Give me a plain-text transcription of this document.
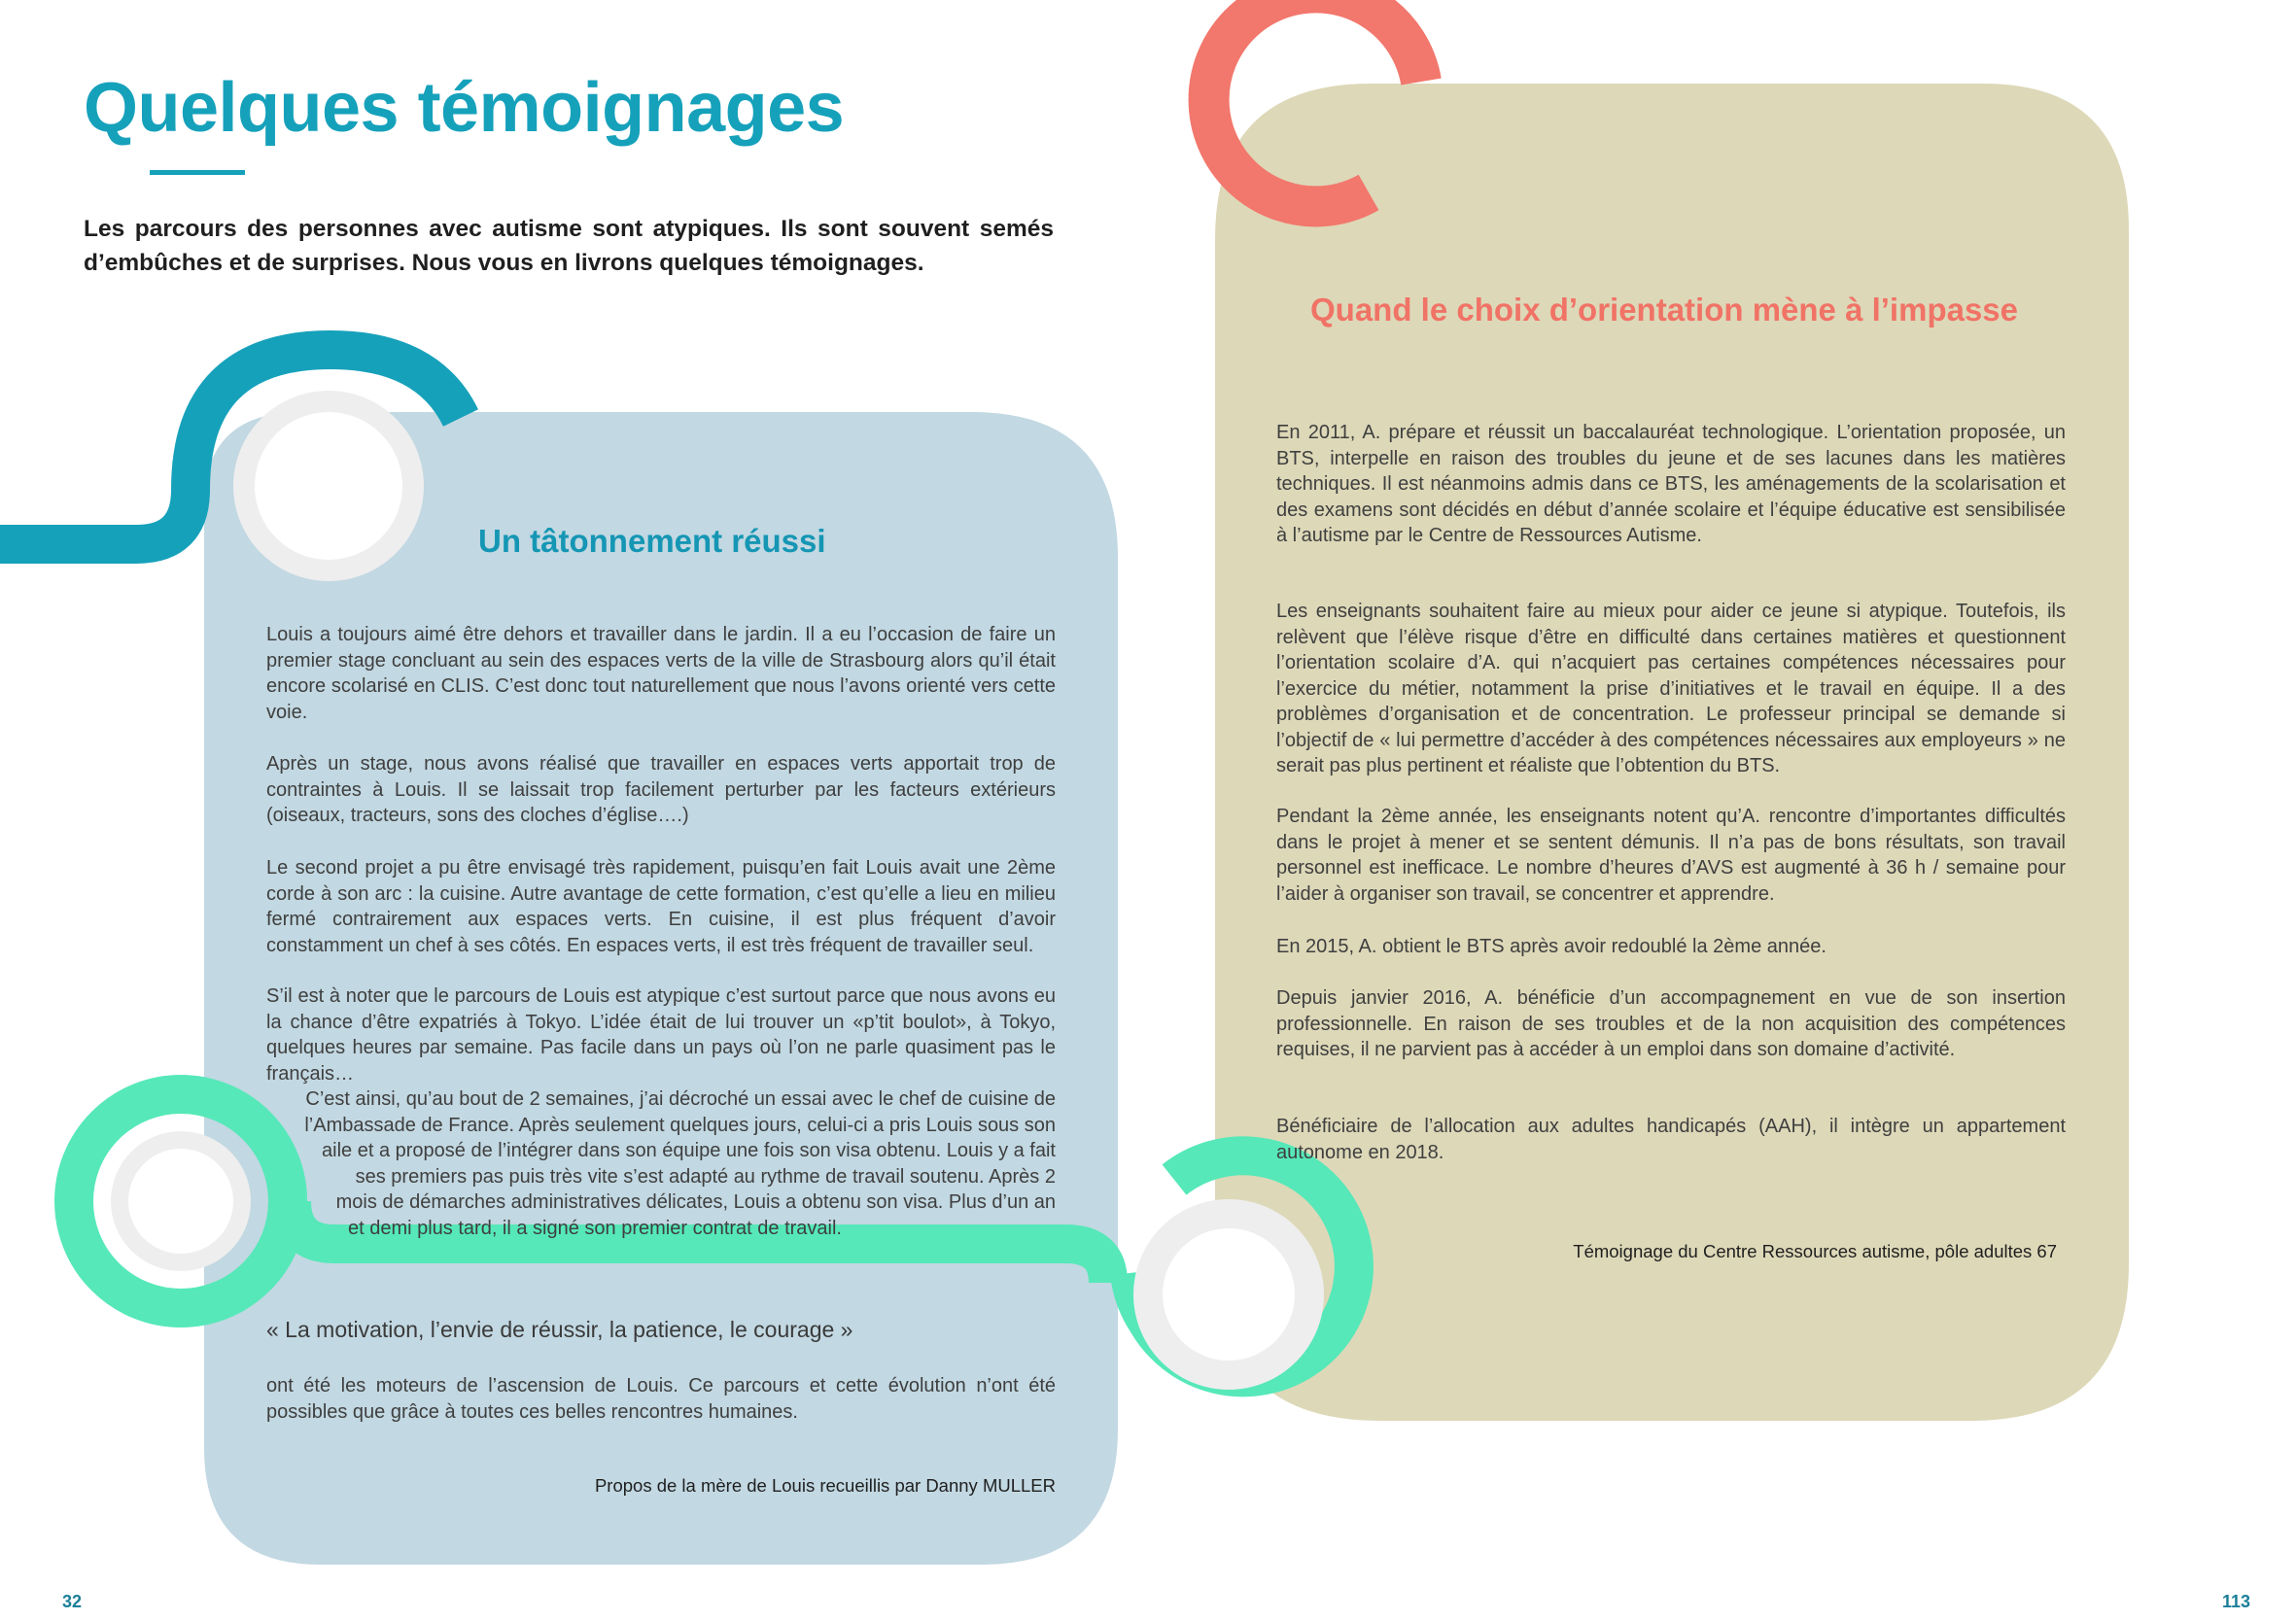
Quelques témoignages

Les parcours des personnes avec autisme sont atypiques. Ils sont souvent semés d’embûches et de surprises. Nous vous en livrons quelques témoignages.

Un tâtonnement réussi

Louis a toujours aimé être dehors et travailler dans le jardin. Il a eu l’occasion de faire un premier stage concluant au sein des espaces verts de la ville de Strasbourg alors qu’il était encore scolarisé en CLIS. C’est donc tout naturellement que nous l’avons orienté vers cette voie.

Après un stage, nous avons réalisé que travailler en espaces verts apportait trop de contraintes à Louis. Il se laissait trop facilement perturber par les facteurs extérieurs (oiseaux, tracteurs, sons des cloches d’église….)

Le second projet a pu être envisagé très rapidement, puisqu’en fait Louis avait une 2ème corde à son arc : la cuisine. Autre avantage de cette formation, c’est qu’elle a lieu en milieu fermé contrairement aux espaces verts. En cuisine, il est plus fréquent d’avoir constamment un chef à ses côtés. En espaces verts, il est très fréquent de travailler seul.

S’il est à noter que le parcours de Louis est atypique c’est surtout parce que nous avons eu la chance d’être expatriés à Tokyo. L’idée était de lui trouver un «p’tit boulot», à Tokyo, quelques heures par semaine. Pas facile dans un pays où l’on ne parle quasiment pas le français…

C’est ainsi, qu’au bout de 2 semaines, j’ai décroché un essai avec le chef de cuisine de
l’Ambassade de France. Après seulement quelques jours, celui-ci a pris Louis sous son
aile et a proposé de l’intégrer dans son équipe une fois son visa obtenu. Louis y a fait
ses premiers pas puis très vite s’est adapté au rythme de travail soutenu. Après 2
mois de démarches administratives délicates, Louis a obtenu son visa. Plus d’un an
et demi plus tard, il a signé son premier contrat de travail.

« La motivation, l’envie de réussir, la patience, le courage »

ont été les moteurs de l’ascension de Louis. Ce parcours et cette évolution n’ont été possibles que grâce à toutes ces belles rencontres humaines.

Propos de la mère de Louis recueillis par Danny MULLER

Quand le choix d’orientation mène à l’impasse

En 2011, A. prépare et réussit un baccalauréat technologique. L’orientation proposée, un BTS, interpelle en raison des troubles du jeune et de ses lacunes dans les matières techniques. Il est néanmoins admis dans ce BTS, les aménagements de la scolarisation et des examens sont décidés en début d’année scolaire et l’équipe éducative est sensibilisée à l’autisme par le Centre de Ressources Autisme.

Les enseignants souhaitent faire au mieux pour aider ce jeune si atypique. Toutefois, ils relèvent que l’élève risque d’être en difficulté dans certaines matières et questionnent l’orientation scolaire d’A. qui n’acquiert pas certaines compétences nécessaires pour l’exercice du métier, notamment la prise d’initiatives et le travail en équipe. Il a des problèmes d’organisation et de concentration. Le professeur principal se demande si l’objectif de « lui permettre d’accéder à des compétences nécessaires aux employeurs » ne serait pas plus pertinent et réaliste que l’obtention du BTS.

Pendant la 2ème année, les enseignants notent qu’A. rencontre d’importantes difficultés dans le projet à mener et se sentent démunis. Il n’a pas de bons résultats, son travail personnel est inefficace. Le nombre d’heures d’AVS est augmenté à 36 h / semaine pour l’aider à organiser son travail, se concentrer et apprendre.

En 2015, A. obtient le BTS après avoir redoublé la 2ème année.

Depuis janvier 2016, A. bénéficie d’un accompagnement en vue de son insertion professionnelle. En raison de ses troubles et de la non acquisition des compétences requises, il ne parvient pas à accéder à un emploi dans son domaine d’activité.

Bénéficiaire de l’allocation aux adultes handicapés (AAH), il intègre un appartement autonome en 2018.

Témoignage du Centre Ressources autisme, pôle adultes 67

32	113
